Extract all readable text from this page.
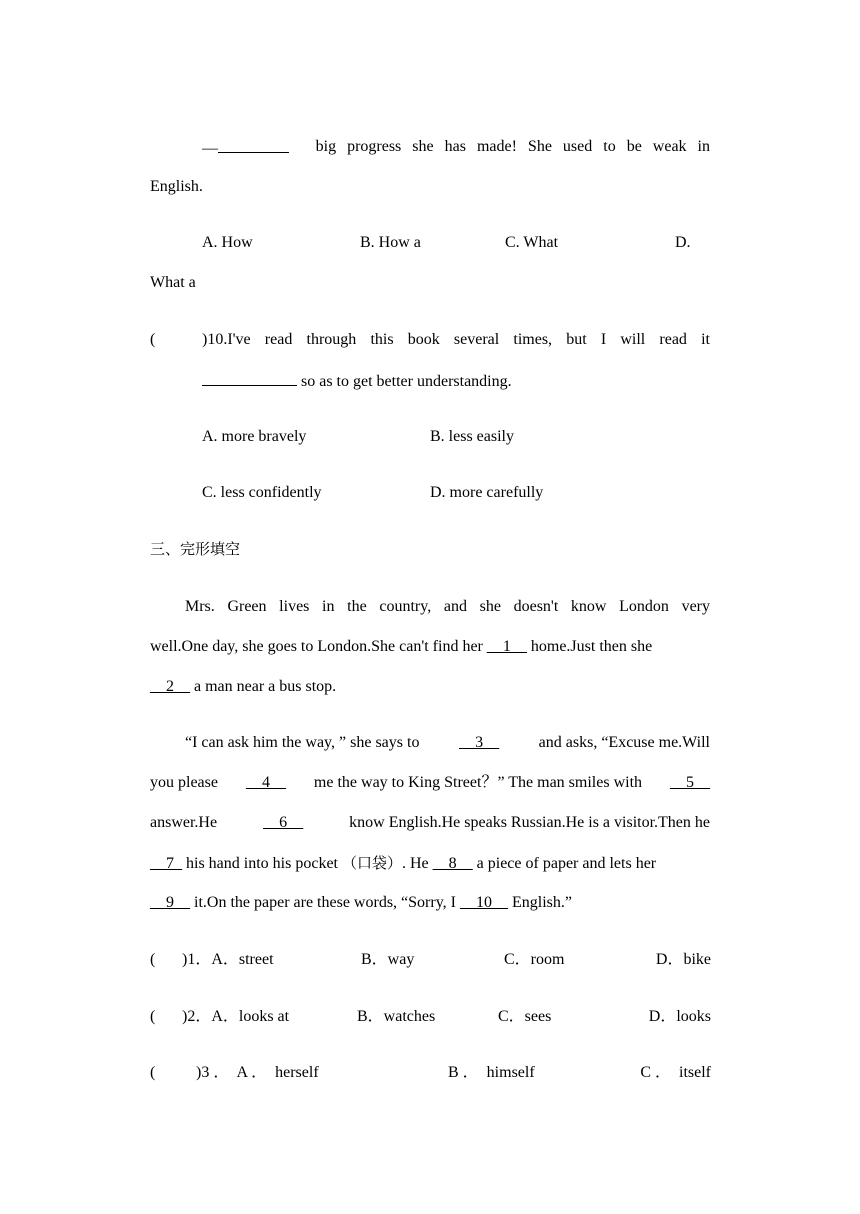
—	big progress she has made! She used to be weak in
English.
A. How	B. How a	C. What	D.
What a
(	)10.I've read through this book several times, but I will read it
so as to get better understanding.
A. more bravely	B. less easily
C. less confidently	D. more carefully
三、完形填空
Mrs. Green lives in the country, and she doesn't know London very
well.One day, she goes to London.She can't find her __1__ home.Just then she
__2__ a man near a bus stop.
“I can ask him the way, ” she says to __3__ and asks, “Excuse me.Will
you please __4__ me the way to King Street？” The man smiles with __5__
answer.He	__6__	know English.He speaks Russian.He is a visitor.Then he
__7_ his hand into his pocket （口袋）. He __8__ a piece of paper and lets her
__9__ it.On the paper are these words, “Sorry, I __10__ English.”
( )1．A．street	B．way	C．room	D．bike
( )2．A．looks at	B．watches	C．sees	D．looks
(	)3 ．  A ．  herself	B ．  himself	C ．  itself
